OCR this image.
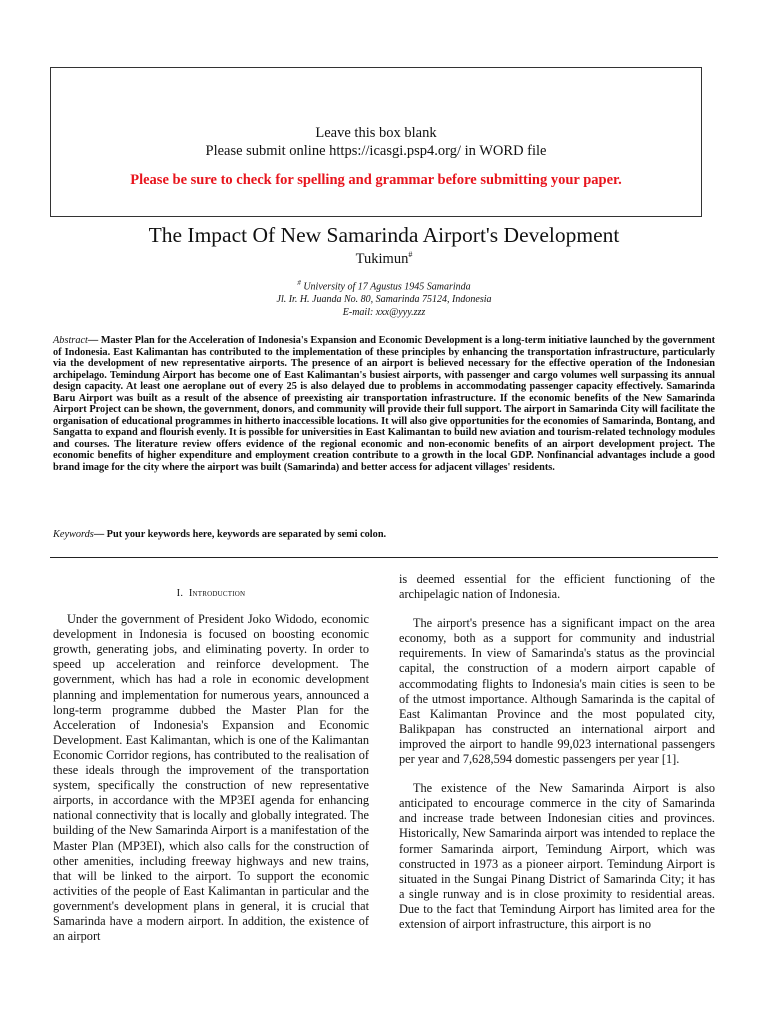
Leave this box blank
Please submit online https://icasgi.psp4.org/ in WORD file
Please be sure to check for spelling and grammar before submitting your paper.
The Impact Of New Samarinda Airport's Development
Tukimun#
# University of 17 Agustus 1945 Samarinda
Jl. Ir. H. Juanda No. 80, Samarinda 75124, Indonesia
E-mail: xxx@yyy.zzz

Abstract— Master Plan for the Acceleration of Indonesia's Expansion and Economic Development is a long-term initiative launched by the government of Indonesia. East Kalimantan has contributed to the implementation of these principles by enhancing the transportation infrastructure, particularly via the development of new representative airports. The presence of an airport is believed necessary for the effective operation of the Indonesian archipelago. Temindung Airport has become one of East Kalimantan's busiest airports, with passenger and cargo volumes well surpassing its annual design capacity. At least one aeroplane out of every 25 is also delayed due to problems in accommodating passenger capacity effectively. Samarinda Baru Airport was built as a result of the absence of preexisting air transportation infrastructure. If the economic benefits of the New Samarinda Airport Project can be shown, the government, donors, and community will provide their full support. The airport in Samarinda City will facilitate the organisation of educational programmes in hitherto inaccessible locations. It will also give opportunities for the economies of Samarinda, Bontang, and Sangatta to expand and flourish evenly. It is possible for universities in East Kalimantan to build new aviation and tourism-related technology modules and courses. The literature review offers evidence of the regional economic and non-economic benefits of an airport development project. The economic benefits of higher expenditure and employment creation contribute to a growth in the local GDP. Nonfinancial advantages include a good brand image for the city where the airport was built (Samarinda) and better access for adjacent villages' residents.

Keywords— Put your keywords here, keywords are separated by semi colon.

I. Introduction

Under the government of President Joko Widodo, economic development in Indonesia is focused on boosting economic growth, generating jobs, and eliminating poverty. In order to speed up acceleration and reinforce development. The government, which has had a role in economic development planning and implementation for numerous years, announced a long-term programme dubbed the Master Plan for the Acceleration of Indonesia's Expansion and Economic Development. East Kalimantan, which is one of the Kalimantan Economic Corridor regions, has contributed to the realisation of these ideals through the improvement of the transportation system, specifically the construction of new representative airports, in accordance with the MP3EI agenda for enhancing national connectivity that is locally and globally integrated. The building of the New Samarinda Airport is a manifestation of the Master Plan (MP3EI), which also calls for the construction of other amenities, including freeway highways and new trains, that will be linked to the airport. To support the economic activities of the people of East Kalimantan in particular and the government's development plans in general, it is crucial that Samarinda have a modern airport. In addition, the existence of an airport

is deemed essential for the efficient functioning of the archipelagic nation of Indonesia.

The airport's presence has a significant impact on the area economy, both as a support for community and industrial requirements. In view of Samarinda's status as the provincial capital, the construction of a modern airport capable of accommodating flights to Indonesia's main cities is seen to be of the utmost importance. Although Samarinda is the capital of East Kalimantan Province and the most populated city, Balikpapan has constructed an international airport and improved the airport to handle 99,023 international passengers per year and 7,628,594 domestic passengers per year [1].

The existence of the New Samarinda Airport is also anticipated to encourage commerce in the city of Samarinda and increase trade between Indonesian cities and provinces. Historically, New Samarinda airport was intended to replace the former Samarinda airport, Temindung Airport, which was constructed in 1973 as a pioneer airport. Temindung Airport is situated in the Sungai Pinang District of Samarinda City; it has a single runway and is in close proximity to residential areas. Due to the fact that Temindung Airport has limited area for the extension of airport infrastructure, this airport is no
